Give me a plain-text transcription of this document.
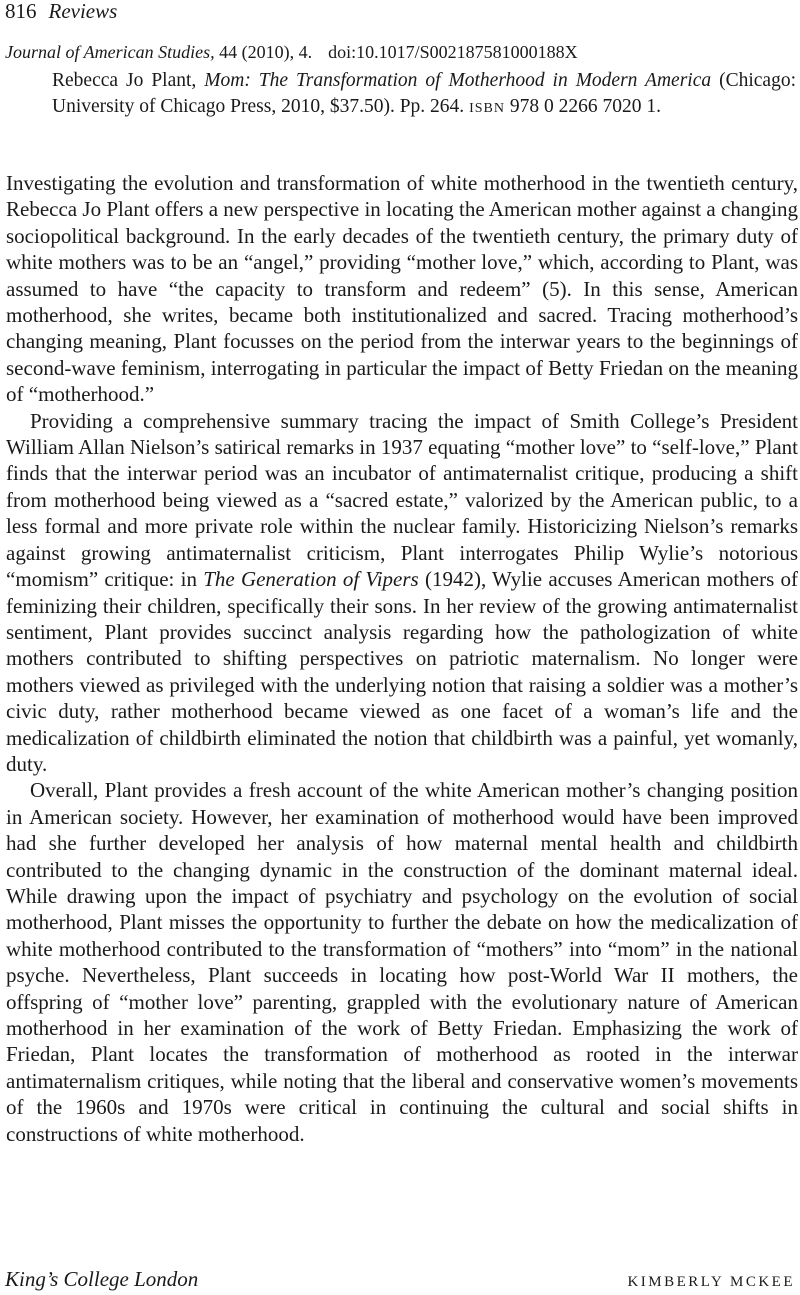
816 Reviews
Journal of American Studies, 44 (2010), 4. doi:10.1017/S002187581000188X
Rebecca Jo Plant, Mom: The Transformation of Motherhood in Modern America (Chicago: University of Chicago Press, 2010, $37.50). Pp. 264. ISBN 978 0 2266 7020 1.

Investigating the evolution and transformation of white motherhood in the twentieth century, Rebecca Jo Plant offers a new perspective in locating the American mother against a changing sociopolitical background. In the early decades of the twentieth century, the primary duty of white mothers was to be an “angel,” providing “mother love,” which, according to Plant, was assumed to have “the capacity to transform and redeem” (5). In this sense, American motherhood, she writes, became both institutionalized and sacred. Tracing motherhood’s changing meaning, Plant focusses on the period from the interwar years to the beginnings of second-wave feminism, interrogating in particular the impact of Betty Friedan on the meaning of “motherhood.”

Providing a comprehensive summary tracing the impact of Smith College’s President William Allan Nielson’s satirical remarks in 1937 equating “mother love” to “self-love,” Plant finds that the interwar period was an incubator of antimaternalist critique, producing a shift from motherhood being viewed as a “sacred estate,” valorized by the American public, to a less formal and more private role within the nuclear family. Historicizing Nielson’s remarks against growing antimaternalist criticism, Plant interrogates Philip Wylie’s notorious “momism” critique: in The Generation of Vipers (1942), Wylie accuses American mothers of feminizing their children, specifically their sons. In her review of the growing antimaternalist sentiment, Plant provides succinct analysis regarding how the pathologization of white mothers contributed to shifting perspectives on patriotic maternalism. No longer were mothers viewed as privileged with the underlying notion that raising a soldier was a mother’s civic duty, rather motherhood became viewed as one facet of a woman’s life and the medicalization of childbirth eliminated the notion that childbirth was a painful, yet womanly, duty.

Overall, Plant provides a fresh account of the white American mother’s changing position in American society. However, her examination of motherhood would have been improved had she further developed her analysis of how maternal mental health and childbirth contributed to the changing dynamic in the construction of the dominant maternal ideal. While drawing upon the impact of psychiatry and psychology on the evolution of social motherhood, Plant misses the opportunity to further the debate on how the medicalization of white motherhood contributed to the transformation of “mothers” into “mom” in the national psyche. Nevertheless, Plant succeeds in locating how post-World War II mothers, the offspring of “mother love” parenting, grappled with the evolutionary nature of American motherhood in her examination of the work of Betty Friedan. Emphasizing the work of Friedan, Plant locates the transformation of motherhood as rooted in the interwar antimaternalism critiques, while noting that the liberal and conservative women’s movements of the 1960s and 1970s were critical in continuing the cultural and social shifts in constructions of white motherhood.

King’s College London	KIMBERLY MCKEE
